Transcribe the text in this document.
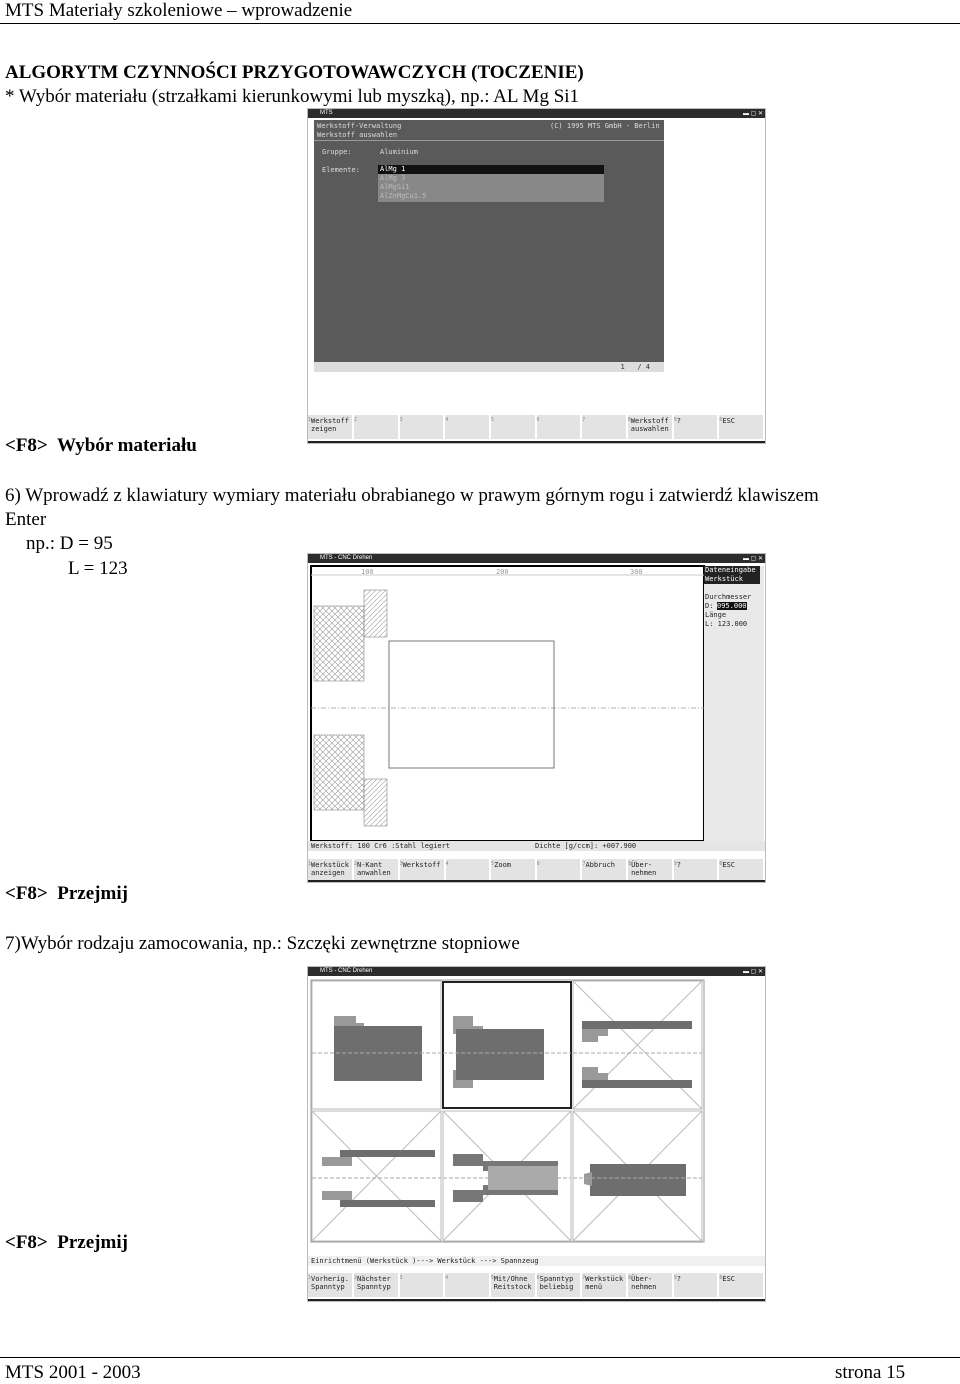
MTS Materiały szkoleniowe – wprowadzenie
ALGORYTM CZYNNOŚCI PRZYGOTOWAWCZYCH (TOCZENIE)
* Wybór materiału (strzałkami kierunkowymi lub myszką), np.: AL Mg Si1
MTS	▬ ▢ ✕
Werkstoff-Verwaltung
Werkstoff auswahlen
(C) 1995 MTS GmbH - Berlin
Gruppe:	Aluminium
Elemente:	AlMg 1
AlMg 3
AlMgSi1
AlZnMgCu1.5
1   / 4
1 Werkstoff zeigen
2	3	4	5	6	7	8 Werkstoff auswahlen
9 ?	0 ESC
<F8> Wybór materiału
6) Wprowadź z klawiatury wymiary materiału obrabianego w prawym górnym rogu i zatwierdź klawiszem
Enter
np.: D = 95
L = 123	MTS - CNC Drehen	▬ ▢ ✕
100	200	300	Dateneingabe
Werkstück
Durchmesser
D: 095.000
Länge
L: 123.000
Werkstoff: 100 Cr6 :Stahl legiert	Dichte [g/ccm]: +007.900
1 Werkstück anzeigen
2 N-Kant anwahlen
3 Werkstoff	4	5 Zoom	6	7 Abbruch	8 Über- nehmen
9 ?	0 ESC
<F8> Przejmij
7)Wybór rodzaju zamocowania, np.: Szczęki zewnętrzne stopniowe
MTS - CNC Drehen	▬ ▢ ✕
Einrichtmenü (Werkstück )---> Werkstück ---> Spannzeug
1 Vorherig. Spanntyp
2 Nächster Spanntyp
3	4	5 Mit/Ohne Reitstock
6 Spanntyp beliebig
7 Werkstück menü
8 Über- nehmen
9 ?	0 ESC
<F8> Przejmij
MTS 2001 - 2003	strona 15
